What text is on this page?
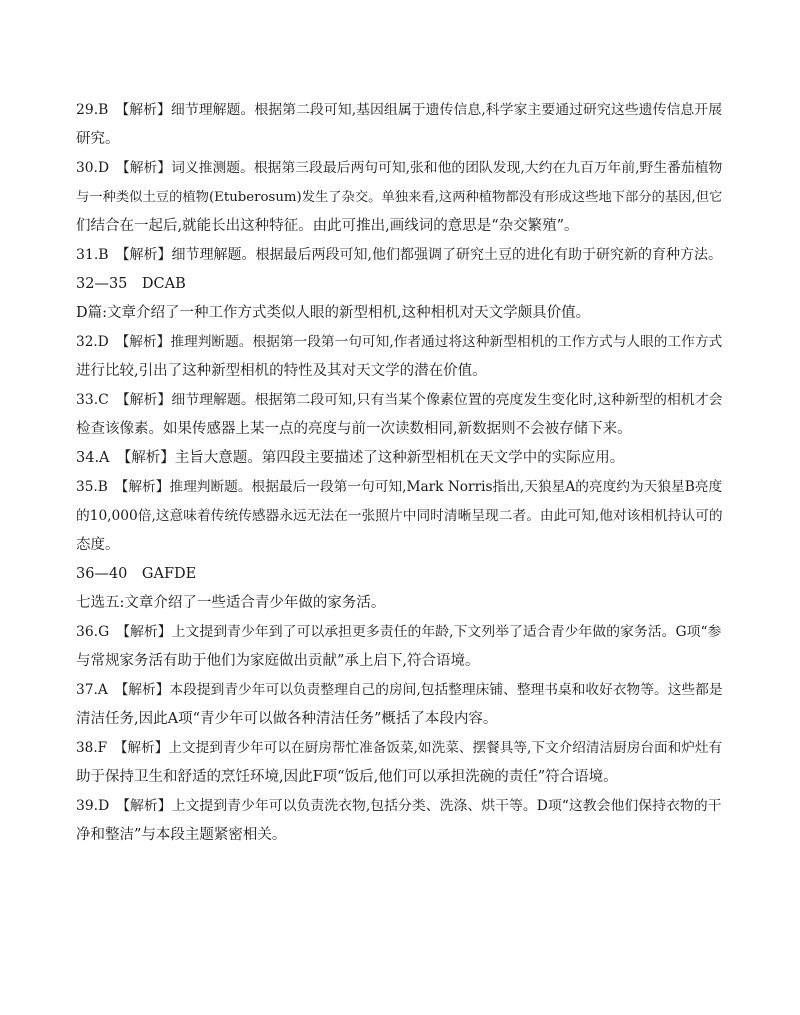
29.B　【解析】细节理解题。根据第二段可知,基因组属于遗传信息,科学家主要通过研究这些遗传信息开展
研究。
30.D　【解析】词义推测题。根据第三段最后两句可知,张和他的团队发现,大约在九百万年前,野生番茄植物
与一种类似土豆的植物(Etuberosum)发生了杂交。单独来看,这两种植物都没有形成这些地下部分的基因,但它
们结合在一起后,就能长出这种特征。由此可推出,画线词的意思是“杂交繁殖”。
31.B　【解析】细节理解题。根据最后两段可知,他们都强调了研究土豆的进化有助于研究新的育种方法。
32—35　DCAB
D篇:文章介绍了一种工作方式类似人眼的新型相机,这种相机对天文学颇具价值。
32.D　【解析】推理判断题。根据第一段第一句可知,作者通过将这种新型相机的工作方式与人眼的工作方式
进行比较,引出了这种新型相机的特性及其对天文学的潜在价值。
33.C　【解析】细节理解题。根据第二段可知,只有当某个像素位置的亮度发生变化时,这种新型的相机才会
检查该像素。如果传感器上某一点的亮度与前一次读数相同,新数据则不会被存储下来。
34.A　【解析】主旨大意题。第四段主要描述了这种新型相机在天文学中的实际应用。
35.B　【解析】推理判断题。根据最后一段第一句可知,Mark Norris指出,天狼星A的亮度约为天狼星B亮度
的10,000倍,这意味着传统传感器永远无法在一张照片中同时清晰呈现二者。由此可知,他对该相机持认可的
态度。
36—40　GAFDE
七选五:文章介绍了一些适合青少年做的家务活。
36.G　【解析】上文提到青少年到了可以承担更多责任的年龄,下文列举了适合青少年做的家务活。G项“参
与常规家务活有助于他们为家庭做出贡献”承上启下,符合语境。
37.A　【解析】本段提到青少年可以负责整理自己的房间,包括整理床铺、整理书桌和收好衣物等。这些都是
清洁任务,因此A项“青少年可以做各种清洁任务”概括了本段内容。
38.F　【解析】上文提到青少年可以在厨房帮忙准备饭菜,如洗菜、摆餐具等,下文介绍清洁厨房台面和炉灶有
助于保持卫生和舒适的烹饪环境,因此F项“饭后,他们可以承担洗碗的责任”符合语境。
39.D　【解析】上文提到青少年可以负责洗衣物,包括分类、洗涤、烘干等。D项“这教会他们保持衣物的干
净和整洁”与本段主题紧密相关。
